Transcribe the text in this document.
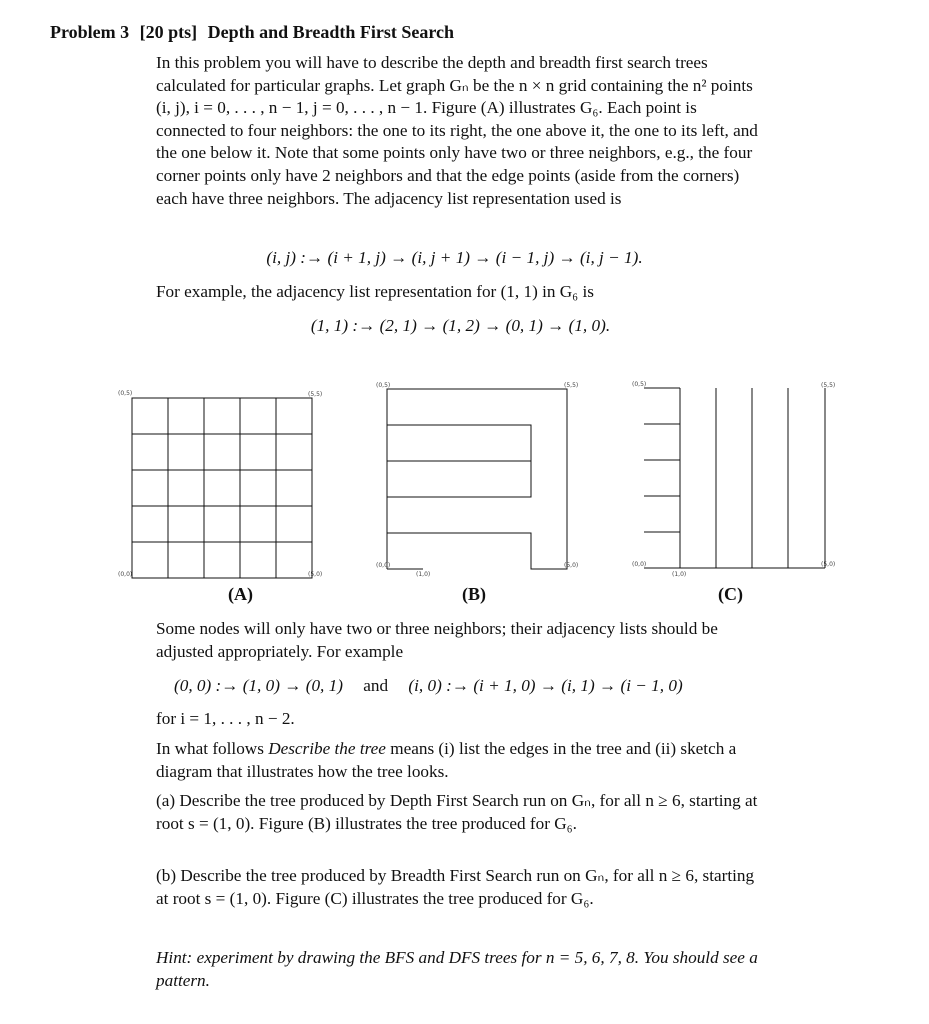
Problem 3 [20 pts] Depth and Breadth First Search
In this problem you will have to describe the depth and breadth first search trees calculated for particular graphs. Let graph Gₙ be the n × n grid containing the n² points (i, j), i = 0, . . . , n − 1, j = 0, . . . , n − 1. Figure (A) illustrates G₆. Each point is connected to four neighbors: the one to its right, the one above it, the one to its left, and the one below it. Note that some points only have two or three neighbors, e.g., the four corner points only have 2 neighbors and that the edge points (aside from the corners) each have three neighbors. The adjacency list representation used is
(i, j) :→ (i + 1, j) → (i, j + 1) → (i − 1, j) → (i, j − 1).
For example, the adjacency list representation for (1, 1) in G₆ is
(1, 1) :→ (2, 1) → (1, 2) → (0, 1) → (1, 0).
(0,5)	(5,5)
(0,0)	(5,0)
(A)
(0,5)	(5,5)
(0,0)	(5,0)
(1,0)
(B)
(0,5)	(5,5)
(0,0)	(5,0)
(1,0)
(C)
Some nodes will only have two or three neighbors; their adjacency lists should be adjusted appropriately. For example
(0, 0) :→ (1, 0) → (0, 1) and (i, 0) :→ (i + 1, 0) → (i, 1) → (i − 1, 0)
for i = 1, . . . , n − 2.
In what follows Describe the tree means (i) list the edges in the tree and (ii) sketch a diagram that illustrates how the tree looks.
(a) Describe the tree produced by Depth First Search run on Gₙ, for all n ≥ 6, starting at root s = (1, 0). Figure (B) illustrates the tree produced for G₆.
(b) Describe the tree produced by Breadth First Search run on Gₙ, for all n ≥ 6, starting at root s = (1, 0). Figure (C) illustrates the tree produced for G₆.
Hint: experiment by drawing the BFS and DFS trees for n = 5, 6, 7, 8. You should see a pattern.
